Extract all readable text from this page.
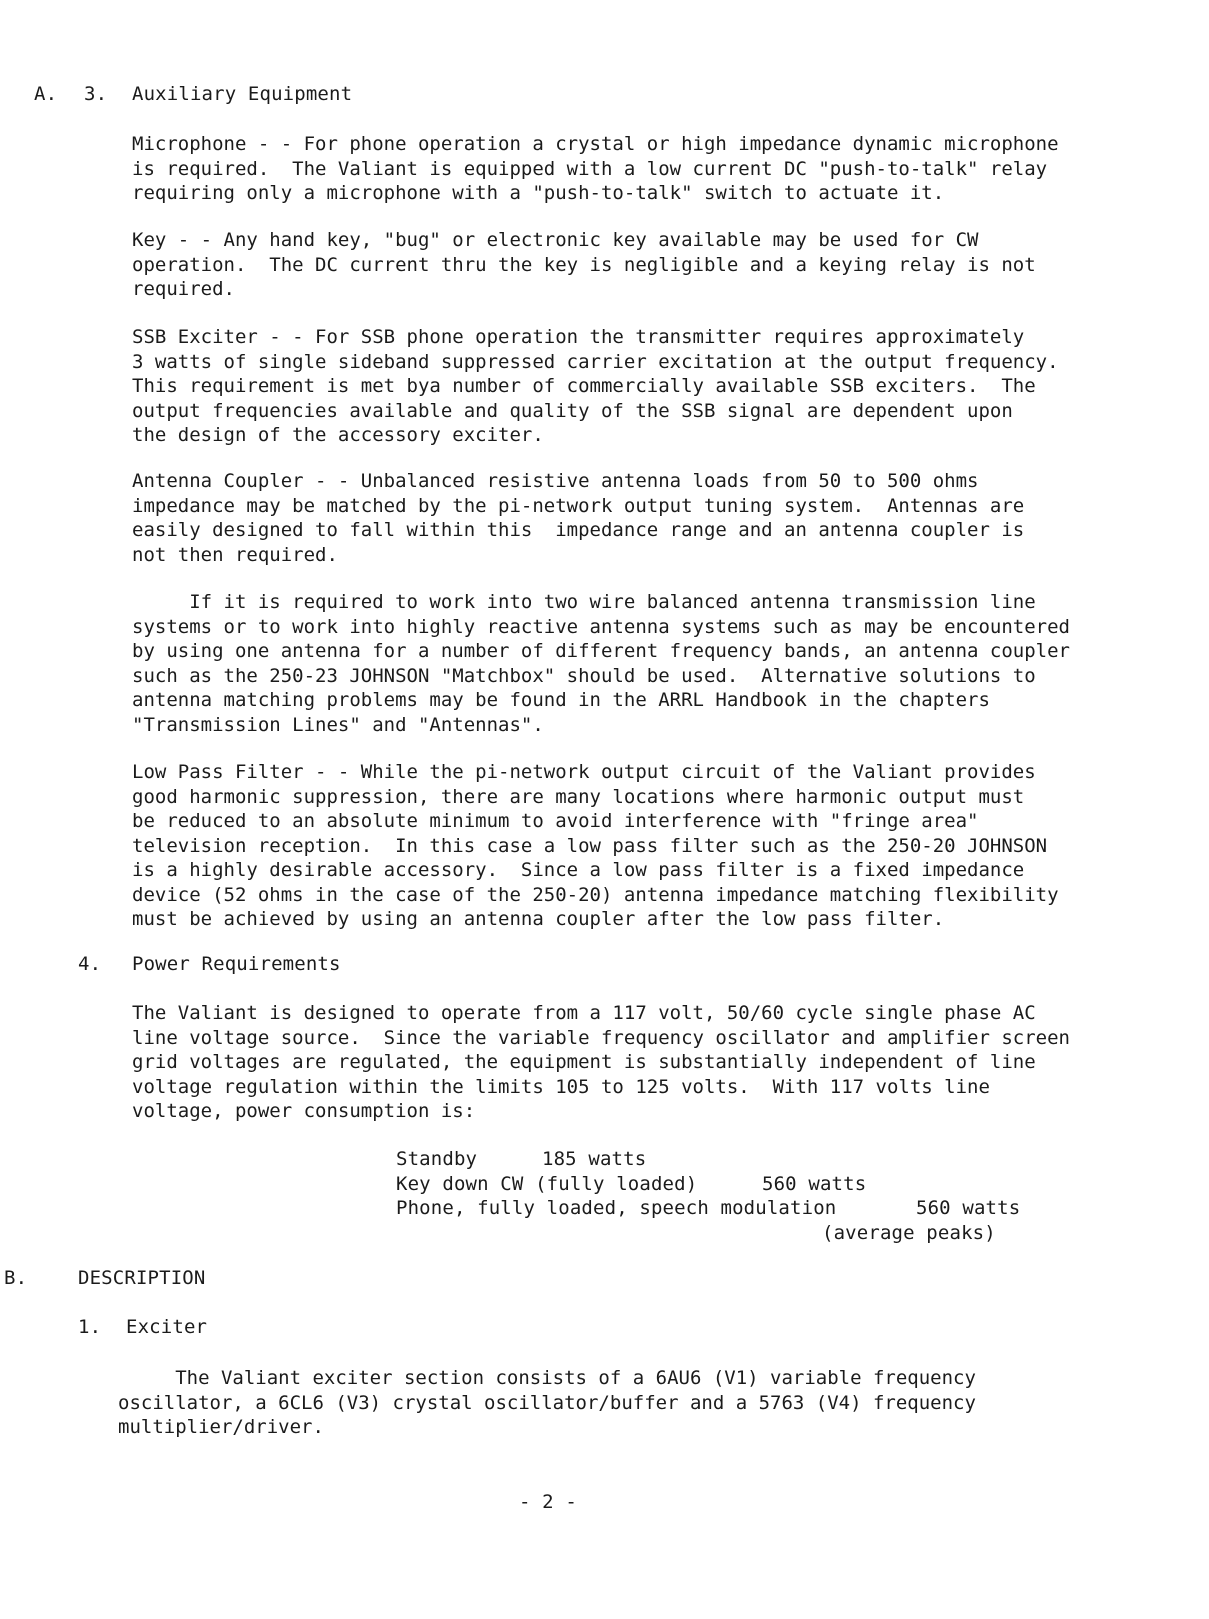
A. 3. Auxiliary Equipment
Microphone - - For phone operation a crystal or high impedance dynamic microphone
is required.  The Valiant is equipped with a low current DC "push-to-talk" relay
requiring only a microphone with a "push-to-talk" switch to actuate it.
Key - - Any hand key, "bug" or electronic key available may be used for CW
operation.  The DC current thru the key is negligible and a keying relay is not
required.
SSB Exciter - - For SSB phone operation the transmitter requires approximately
3 watts of single sideband suppressed carrier excitation at the output frequency.
This requirement is met bya number of commercially available SSB exciters.  The
output frequencies available and quality of the SSB signal are dependent upon
the design of the accessory exciter.
Antenna Coupler - - Unbalanced resistive antenna loads from 50 to 500 ohms
impedance may be matched by the pi-network output tuning system.  Antennas are
easily designed to fall within this  impedance range and an antenna coupler is
not then required.
If it is required to work into two wire balanced antenna transmission line
systems or to work into highly reactive antenna systems such as may be encountered
by using one antenna for a number of different frequency bands, an antenna coupler
such as the 250-23 JOHNSON "Matchbox" should be used.  Alternative solutions to
antenna matching problems may be found in the ARRL Handbook in the chapters
"Transmission Lines" and "Antennas".
Low Pass Filter - - While the pi-network output circuit of the Valiant provides
good harmonic suppression, there are many locations where harmonic output must
be reduced to an absolute minimum to avoid interference with "fringe area"
television reception.  In this case a low pass filter such as the 250-20 JOHNSON
is a highly desirable accessory.  Since a low pass filter is a fixed impedance
device (52 ohms in the case of the 250-20) antenna impedance matching flexibility
must be achieved by using an antenna coupler after the low pass filter.
4. Power Requirements
The Valiant is designed to operate from a 117 volt, 50/60 cycle single phase AC
line voltage source.  Since the variable frequency oscillator and amplifier screen
grid voltages are regulated, the equipment is substantially independent of line
voltage regulation within the limits 105 to 125 volts.  With 117 volts line
voltage, power consumption is:
Standby	185 watts
Key down CW (fully loaded)	560 watts
Phone, fully loaded, speech modulation	560 watts
(average peaks)
B.	DESCRIPTION
1. Exciter
The Valiant exciter section consists of a 6AU6 (V1) variable frequency
oscillator, a 6CL6 (V3) crystal oscillator/buffer and a 5763 (V4) frequency
multiplier/driver.
- 2 -
